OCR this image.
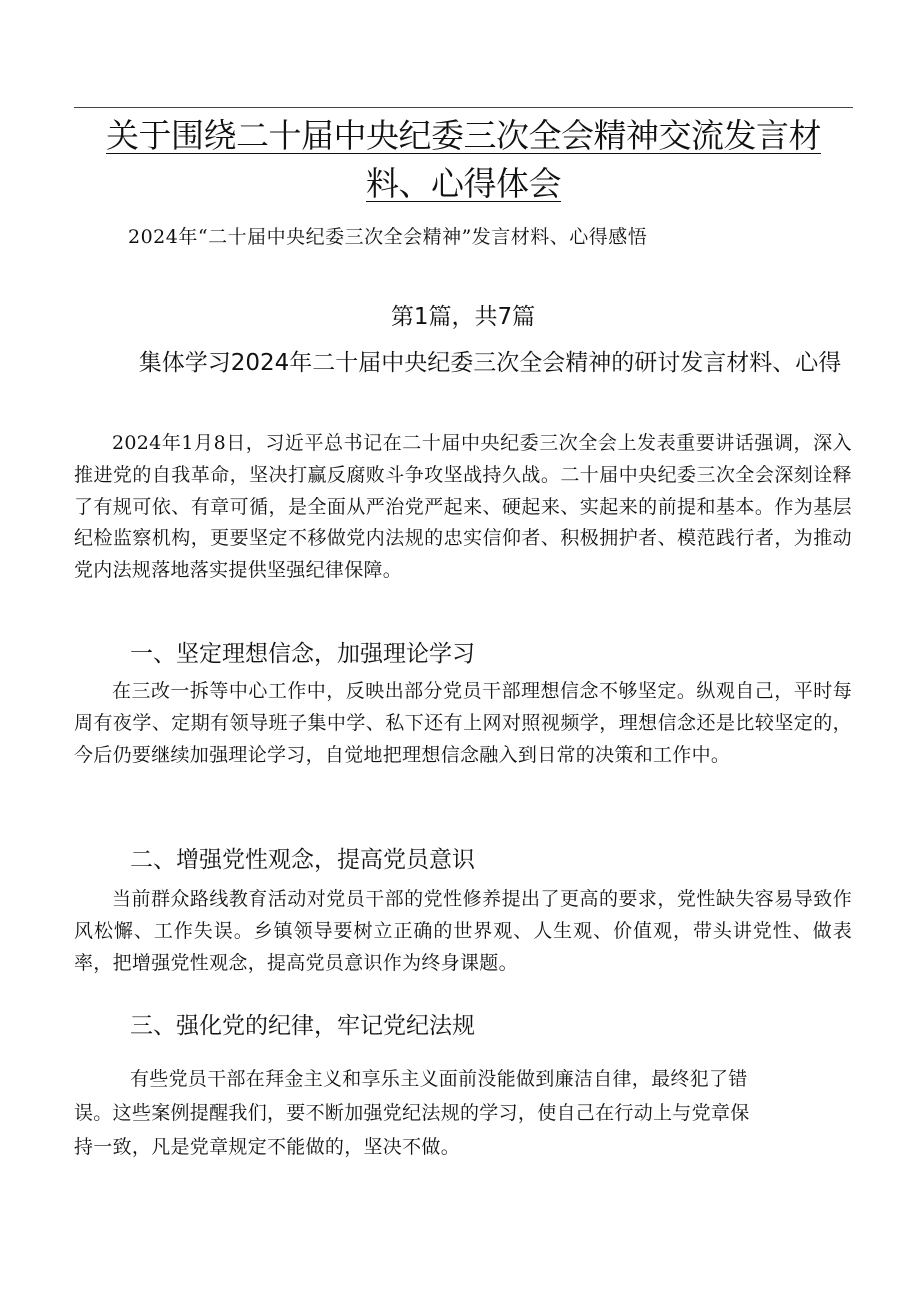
关于围绕二十届中央纪委三次全会精神交流发言材料、心得体会
2024年“二十届中央纪委三次全会精神”发言材料、心得感悟
第1篇，共7篇
集体学习2024年二十届中央纪委三次全会精神的研讨发言材料、心得

2024年1月8日，习近平总书记在二十届中央纪委三次全会上发表重要讲话强调，深入推进党的自我革命，坚决打赢反腐败斗争攻坚战持久战。二十届中央纪委三次全会深刻诠释了有规可依、有章可循，是全面从严治党严起来、硬起来、实起来的前提和基本。作为基层纪检监察机构，更要坚定不移做党内法规的忠实信仰者、积极拥护者、模范践行者，为推动党内法规落地落实提供坚强纪律保障。

一、坚定理想信念，加强理论学习

在三改一拆等中心工作中，反映出部分党员干部理想信念不够坚定。纵观自己，平时每周有夜学、定期有领导班子集中学、私下还有上网对照视频学，理想信念还是比较坚定的，今后仍要继续加强理论学习，自觉地把理想信念融入到日常的决策和工作中。

二、增强党性观念，提高党员意识

当前群众路线教育活动对党员干部的党性修养提出了更高的要求，党性缺失容易导致作风松懈、工作失误。乡镇领导要树立正确的世界观、人生观、价值观，带头讲党性、做表率，把增强党性观念，提高党员意识作为终身课题。

三、强化党的纪律，牢记党纪法规
有些党员干部在拜金主义和享乐主义面前没能做到廉洁自律，最终犯了错
误。这些案例提醒我们，要不断加强党纪法规的学习，使自己在行动上与党章保
持一致，凡是党章规定不能做的，坚决不做。
